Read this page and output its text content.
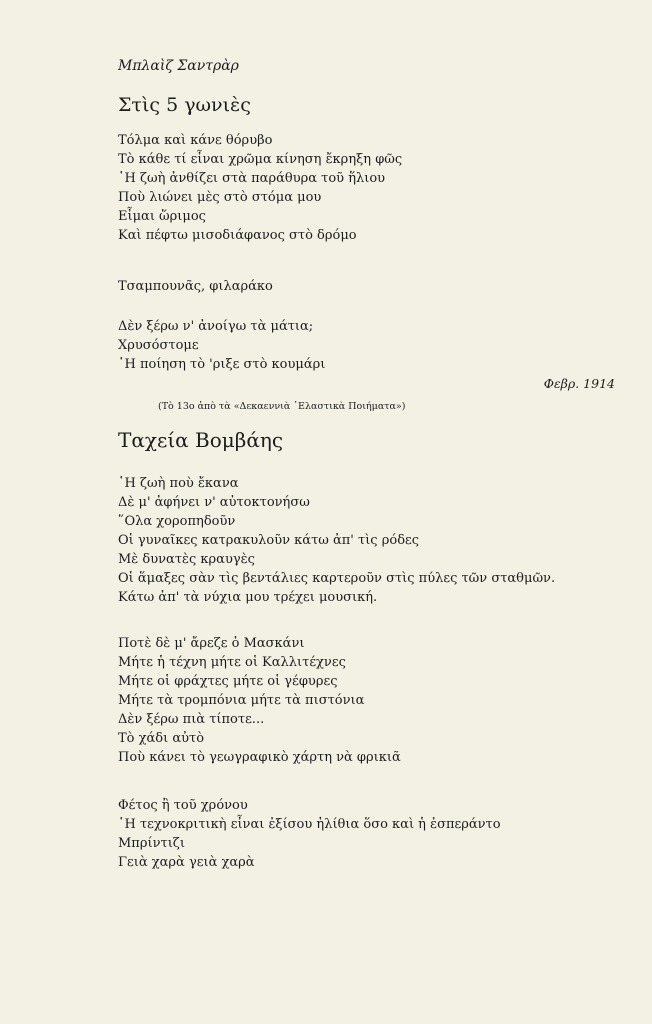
Μπλαὶζ Σαντρὰρ
Στὶς 5 γωνιὲς
Τόλμα καὶ κάνε θόρυβο
Τὸ κάθε τί εἶναι χρῶμα κίνηση ἔκρηξη φῶς
῾Η ζωὴ ἀνθίζει στὰ παράθυρα τοῦ ἥλιου
Ποὺ λιώνει μὲς στὸ στόμα μου
Εἶμαι ὥριμος
Καὶ πέφτω μισοδιάφανος στὸ δρόμο
Τσαμπουνᾶς, φιλαράκο
Δὲν ξέρω ν' ἀνοίγω τὰ μάτια;
Χρυσόστομε
῾Η ποίηση τὸ 'ριξε στὸ κουμάρι
Φεβρ. 1914
(Τὸ 13ο ἀπὸ τὰ «Δεκαεννιὰ ᾿Ελαστικὰ Ποιήματα»)
Ταχεία Βομβάης
῾Η ζωὴ ποὺ ἔκανα
Δὲ μ' ἀφήνει ν' αὐτοκτονήσω
῞Ολα χοροπηδοῦν
Οἱ γυναῖκες κατρακυλοῦν κάτω ἀπ' τὶς ρόδες
Μὲ δυνατὲς κραυγὲς
Οἱ ἅμαξες σὰν τὶς βεντάλιες καρτεροῦν στὶς πύλες τῶν σταθμῶν.
Κάτω ἀπ' τὰ νύχια μου τρέχει μουσική.
Ποτὲ δὲ μ' ἄρεζε ὁ Μασκάνι
Μήτε ἡ τέχνη μήτε οἱ Καλλιτέχνες
Μήτε οἱ φράχτες μήτε οἱ γέφυρες
Μήτε τὰ τρομπόνια μήτε τὰ πιστόνια
Δὲν ξέρω πιὰ τίποτε...
Τὸ χάδι αὐτὸ
Ποὺ κάνει τὸ γεωγραφικὸ χάρτη νὰ φρικιᾶ
Φέτος ἢ τοῦ χρόνου
῾Η τεχνοκριτικὴ εἶναι ἐξίσου ἠλίθια ὅσο καὶ ἡ ἐσπεράντο
Μπρίντιζι
Γειὰ χαρὰ γειὰ χαρὰ
